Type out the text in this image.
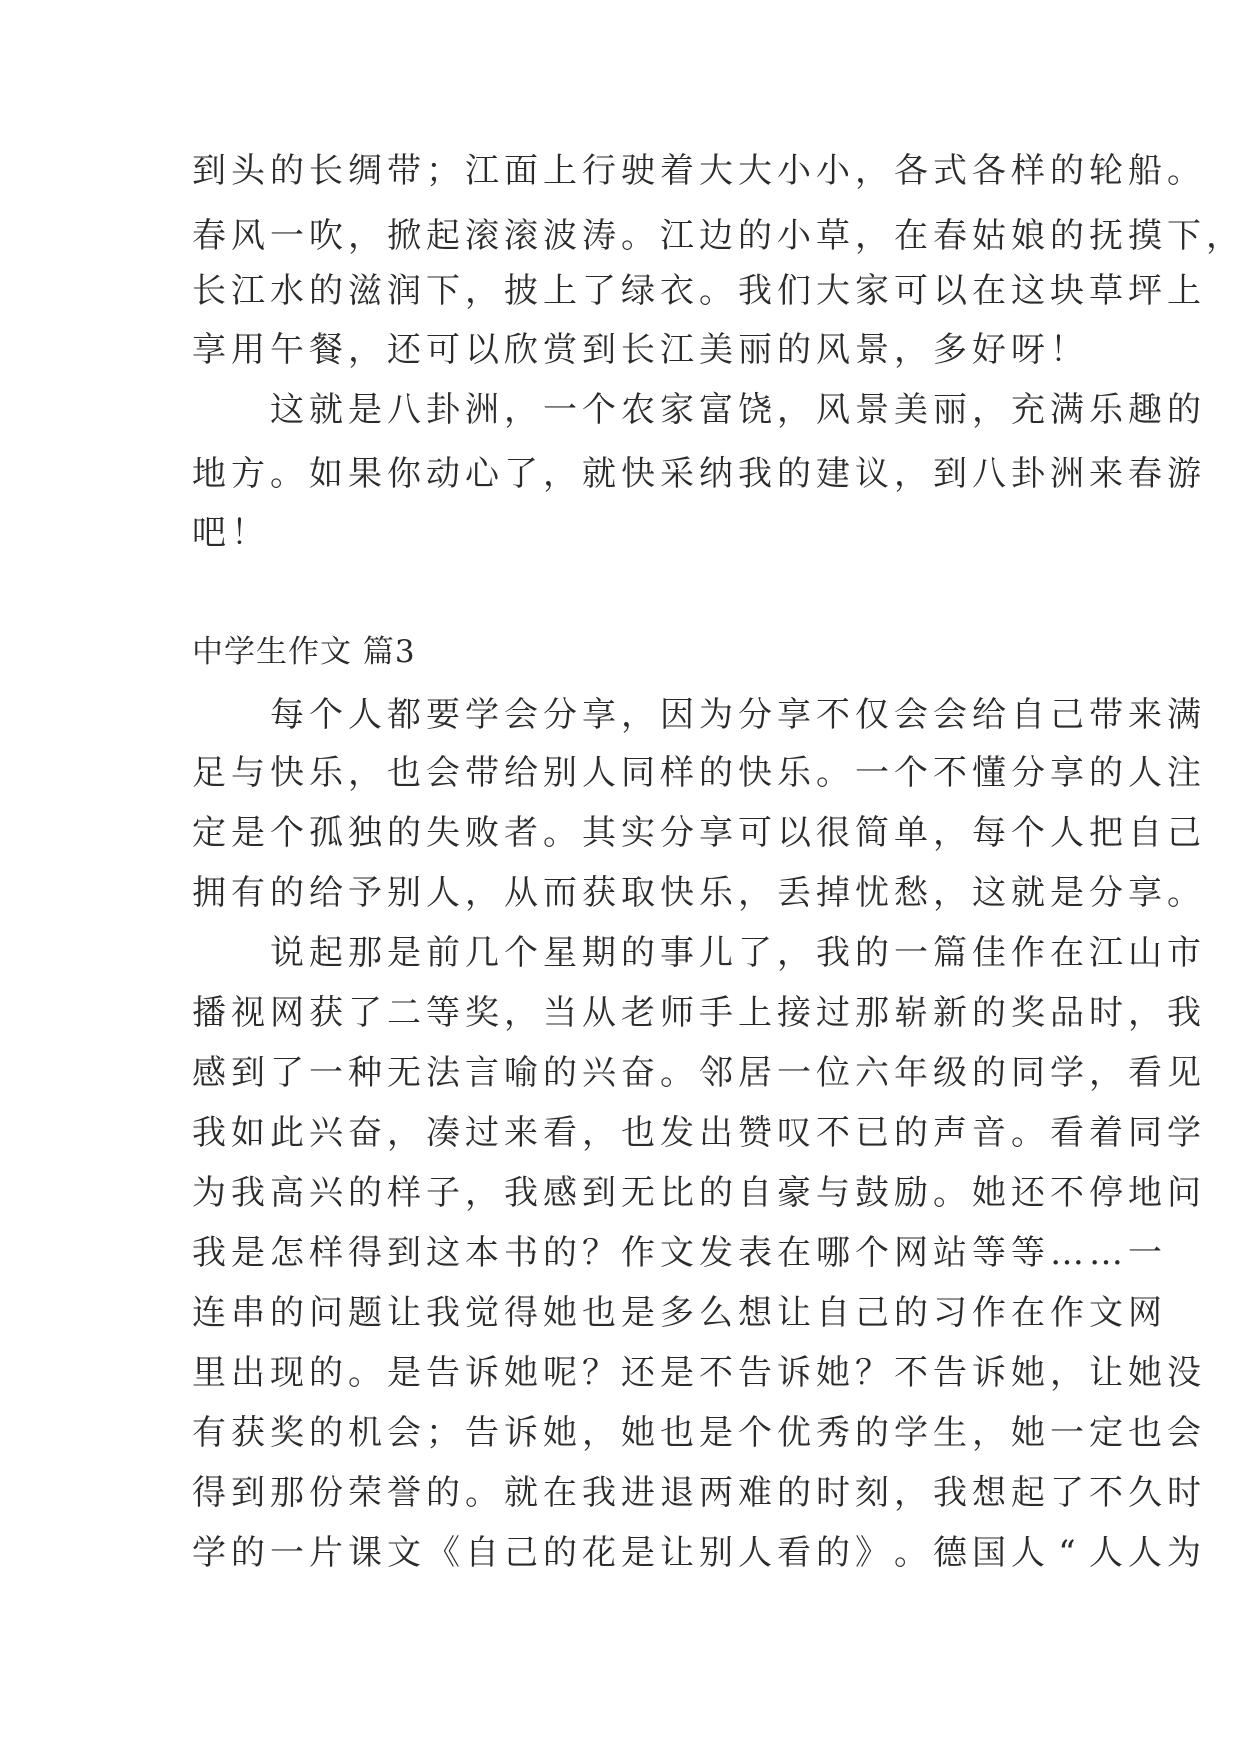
到 头 的 长 绸 带 ； 江 面 上 行 驶 着 大 大 小 小 ， 各 式 各 样 的 轮 船 。
春 风 一 吹 ， 掀 起 滚 滚 波 涛 。 江 边 的 小 草 ， 在 春 姑 娘 的 抚 摸 下 ，
长 江 水 的 滋 润 下 ， 披 上 了 绿 衣 。 我 们 大 家 可 以 在 这 块 草 坪 上
享 用 午 餐 ， 还 可 以 欣 赏 到 长 江 美 丽 的 风 景 ， 多 好 呀 ！
这 就 是 八 卦 洲 ， 一 个 农 家 富 饶 ， 风 景 美 丽 ， 充 满 乐 趣 的
地 方 。 如 果 你 动 心 了 ， 就 快 采 纳 我 的 建 议 ， 到 八 卦 洲 来 春 游
吧 ！
中学生作文 篇3
每 个 人 都 要 学 会 分 享 ， 因 为 分 享 不 仅 会 会 给 自 己 带 来 满
足 与 快 乐 ， 也 会 带 给 别 人 同 样 的 快 乐 。 一 个 不 懂 分 享 的 人 注
定 是 个 孤 独 的 失 败 者 。 其 实 分 享 可 以 很 简 单 ， 每 个 人 把 自 己
拥 有 的 给 予 别 人 ， 从 而 获 取 快 乐 ， 丢 掉 忧 愁 ， 这 就 是 分 享 。
说 起 那 是 前 几 个 星 期 的 事 儿 了 ， 我 的 一 篇 佳 作 在 江 山 市
播 视 网 获 了 二 等 奖 ， 当 从 老 师 手 上 接 过 那 崭 新 的 奖 品 时 ， 我
感 到 了 一 种 无 法 言 喻 的 兴 奋 。 邻 居 一 位 六 年 级 的 同 学 ， 看 见
我 如 此 兴 奋 ， 凑 过 来 看 ， 也 发 出 赞 叹 不 已 的 声 音 。 看 着 同 学
为 我 高 兴 的 样 子 ， 我 感 到 无 比 的 自 豪 与 鼓 励 。 她 还 不 停 地 问
我 是 怎 样 得 到 这 本 书 的 ？ 作 文 发 表 在 哪 个 网 站 等 等 … … 一
连 串 的 问 题 让 我 觉 得 她 也 是 多 么 想 让 自 己 的 习 作 在 作 文 网
里 出 现 的 。 是 告 诉 她 呢 ？ 还 是 不 告 诉 她 ？ 不 告 诉 她 ， 让 她 没
有 获 奖 的 机 会 ； 告 诉 她 ， 她 也 是 个 优 秀 的 学 生 ， 她 一 定 也 会
得 到 那 份 荣 誉 的 。 就 在 我 进 退 两 难 的 时 刻 ， 我 想 起 了 不 久 时
学 的 一 片 课 文 《 自 己 的 花 是 让 别 人 看 的 》 。 德 国 人 “ 人 人 为
